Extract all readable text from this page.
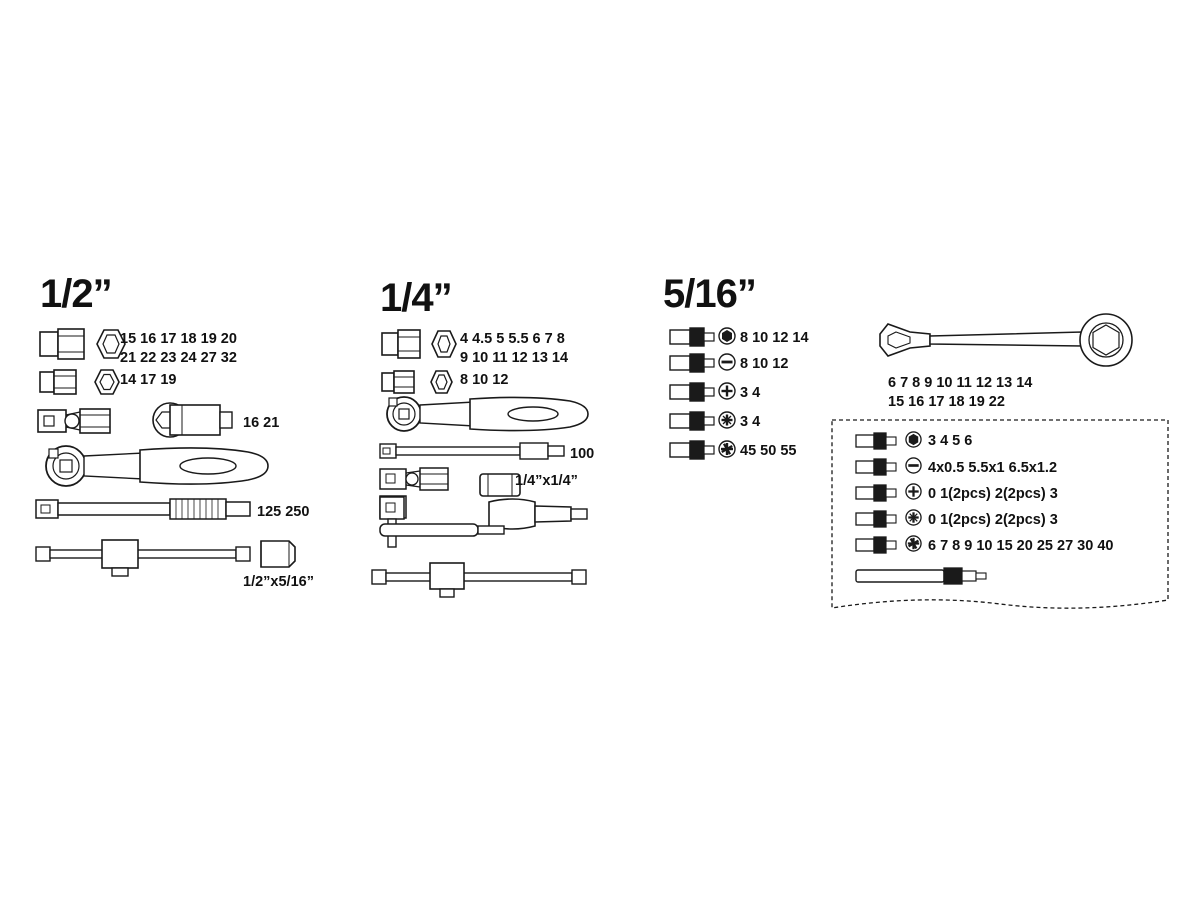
1/2”
15 16 17 18 19 20
21 22 23 24 27 32
14 17 19
16 21
125 250
1/2”x5/16”
1/4”
4 4.5 5 5.5 6 7 8
9 10 11 12 13 14
8 10 12
100
1/4”x1/4”
5/16”
8 10 12 14
8 10 12
3 4
3 4
45 50 55
6 7 8 9 10 11 12 13 14
15 16 17 18 19 22
3 4 5 6
4x0.5 5.5x1 6.5x1.2
0 1(2pcs) 2(2pcs) 3
0 1(2pcs) 2(2pcs) 3
6 7 8 9 10 15 20 25 27 30 40
